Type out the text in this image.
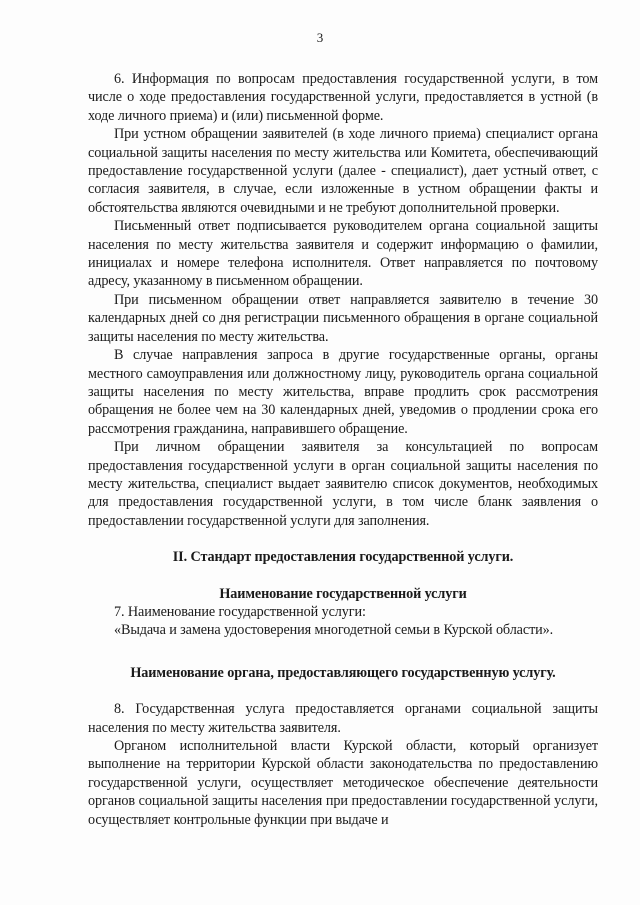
3

6. Информация по вопросам предоставления государственной услуги, в том числе о ходе предоставления государственной услуги, предоставляется в устной (в ходе личного приема) и (или) письменной форме.

При устном обращении заявителей (в ходе личного приема) специалист органа социальной защиты населения по месту жительства или Комитета, обеспечивающий предоставление государственной услуги (далее - специалист), дает устный ответ, с согласия заявителя, в случае, если изложенные в устном обращении факты и обстоятельства являются очевидными и не требуют дополнительной проверки.

Письменный ответ подписывается руководителем органа социальной защиты населения по месту жительства заявителя и содержит информацию о фамилии, инициалах и номере телефона исполнителя. Ответ направляется по почтовому адресу, указанному в письменном обращении.

При письменном обращении ответ направляется заявителю в течение 30 календарных дней со дня регистрации письменного обращения в органе социальной защиты населения по месту жительства.

В случае направления запроса в другие государственные органы, органы местного самоуправления или должностному лицу, руководитель органа социальной защиты населения по месту жительства, вправе продлить срок рассмотрения обращения не более чем на 30 календарных дней, уведомив о продлении срока его рассмотрения гражданина, направившего обращение.

При личном обращении заявителя за консультацией по вопросам предоставления государственной услуги в орган социальной защиты населения по месту жительства, специалист выдает заявителю список документов, необходимых для предоставления государственной услуги, в том числе бланк заявления о предоставлении государственной услуги для заполнения.

II. Стандарт предоставления государственной услуги.

Наименование государственной услуги

7. Наименование государственной услуги:

«Выдача и замена удостоверения многодетной семьи в Курской области».

Наименование органа, предоставляющего государственную услугу.

8. Государственная услуга предоставляется органами социальной защиты населения по месту жительства заявителя.

Органом исполнительной власти Курской области, который организует выполнение на территории Курской области законодательства по предоставлению государственной услуги, осуществляет методическое обеспечение деятельности органов социальной защиты населения при предоставлении государственной услуги, осуществляет контрольные функции при выдаче и
